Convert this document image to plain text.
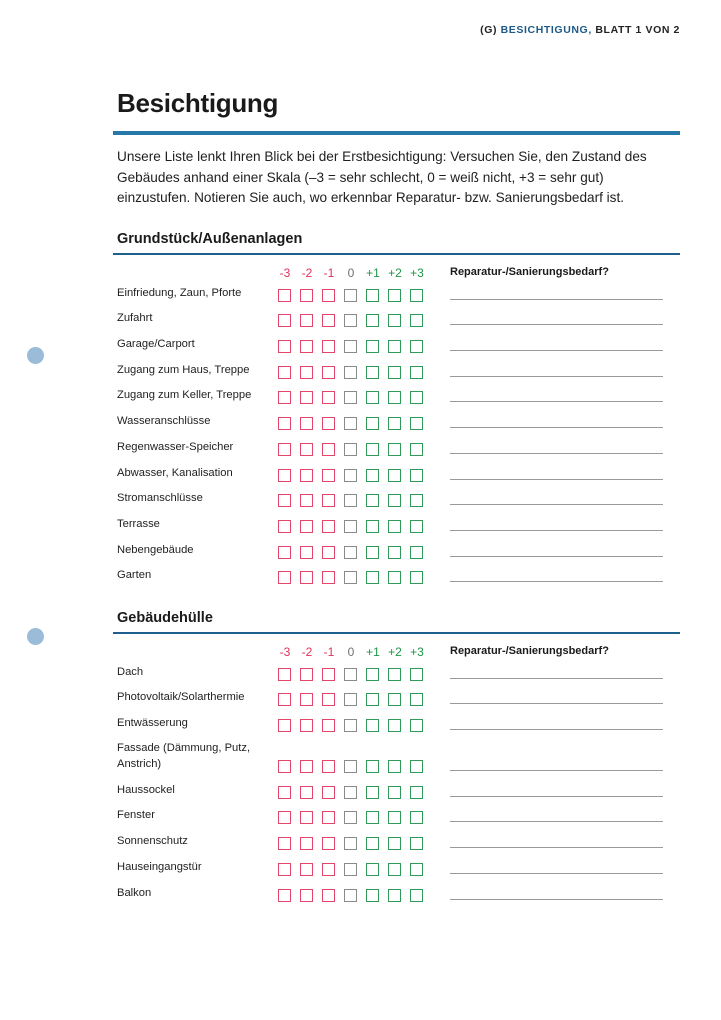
(G) BESICHTIGUNG, BLATT 1 VON 2
Besichtigung

Unsere Liste lenkt Ihren Blick bei der Erstbesichtigung: Versuchen Sie, den Zustand des Gebäudes anhand einer Skala (–3 = sehr schlecht, 0 = weiß nicht, +3 = sehr gut) einzustufen. Notieren Sie auch, wo erkennbar Reparatur- bzw. Sanierungsbedarf ist.

Grundstück/Außenanlagen
-3 -2 -1	0 +1 +2 +3	Reparatur-/Sanierungsbedarf?
Einfriedung, Zaun, Pforte
Zufahrt
Garage/Carport
Zugang zum Haus, Treppe
Zugang zum Keller, Treppe
Wasseranschlüsse
Regenwasser-Speicher
Abwasser, Kanalisation
Stromanschlüsse
Terrasse
Nebengebäude
Garten
Gebäudehülle
-3 -2 -1	0 +1 +2 +3	Reparatur-/Sanierungsbedarf?
Dach
Photovoltaik/Solarthermie
Entwässerung
Fassade (Dämmung, Putz, Anstrich)
Haussockel
Fenster
Sonnenschutz
Hauseingangstür
Balkon
